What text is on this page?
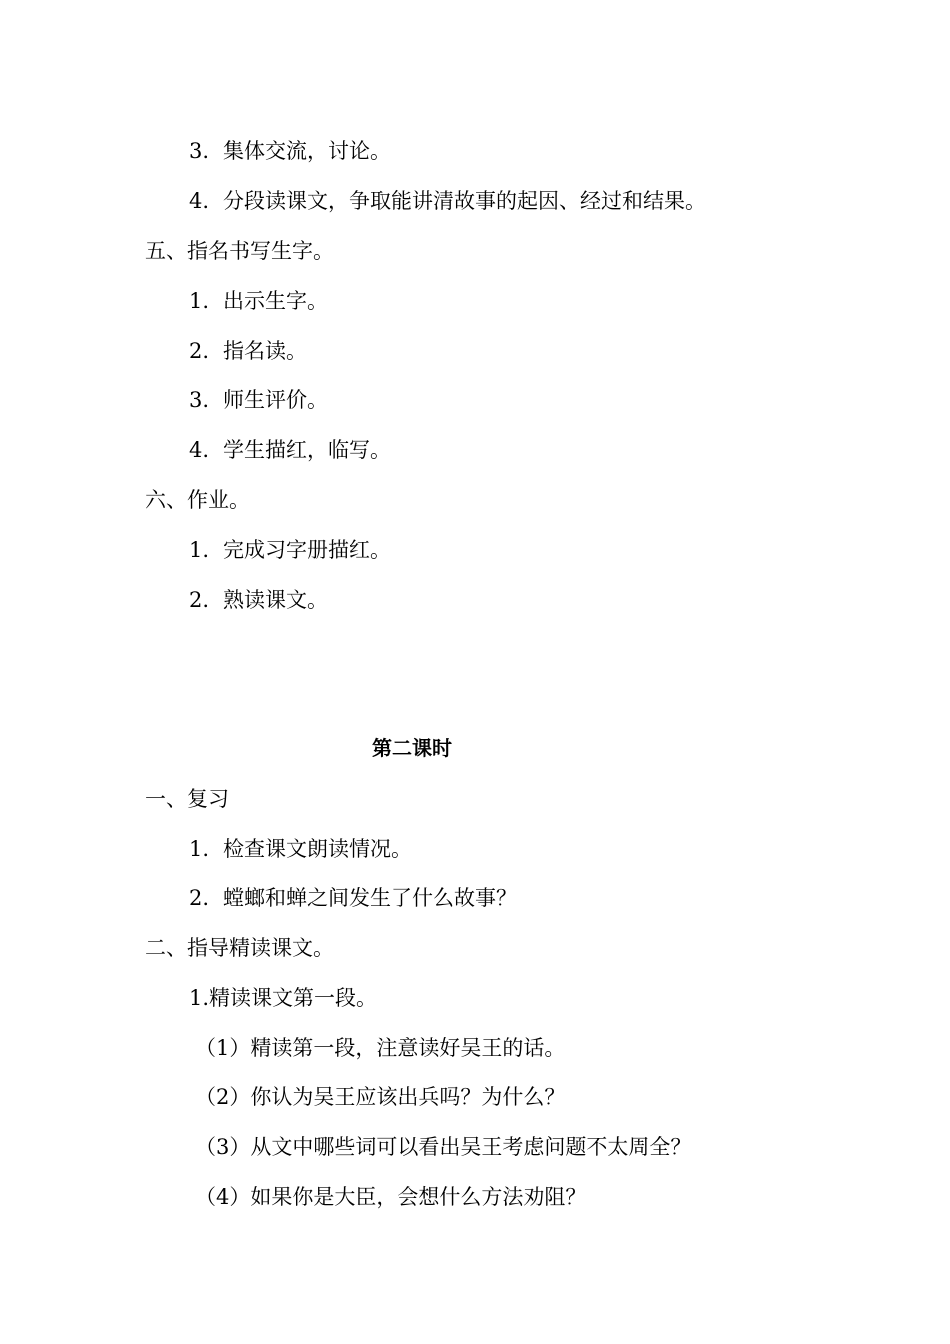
3. 集体交流，讨论。
4. 分段读课文，争取能讲清故事的起因、经过和结果。
五、指名书写生字。
1. 出示生字。
2. 指名读。
3. 师生评价。
4. 学生描红，临写。
六、作业。
1. 完成习字册描红。
2. 熟读课文。
第二课时
一、复习
1. 检查课文朗读情况。
2. 螳螂和蝉之间发生了什么故事？
二、指导精读课文。
1.精读课文第一段。
（1）精读第一段，注意读好吴王的话。
（2）你认为吴王应该出兵吗？为什么？
（3）从文中哪些词可以看出吴王考虑问题不太周全？
（4）如果你是大臣，会想什么方法劝阻？
